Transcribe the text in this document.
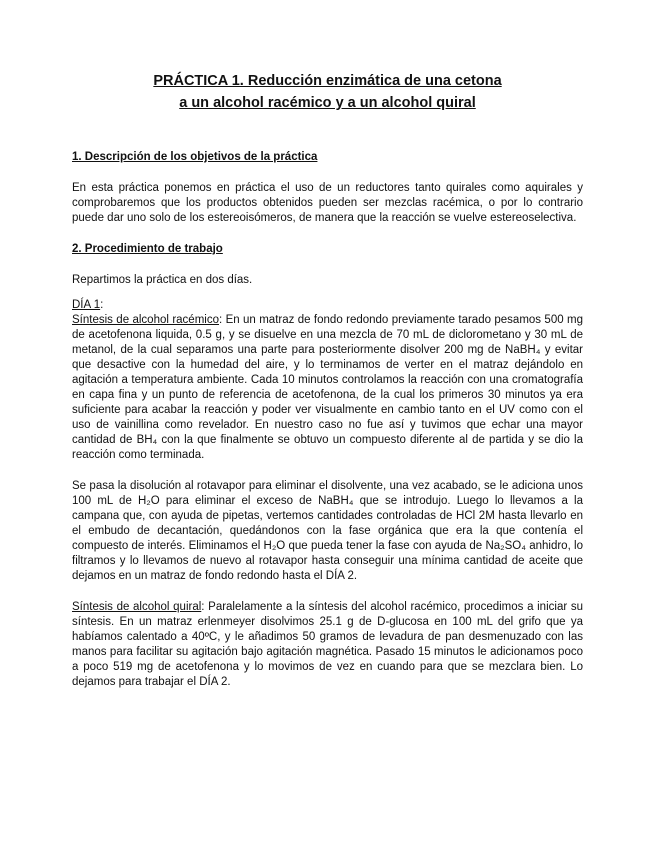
PRÁCTICA 1. Reducción enzimática de una cetona
a un alcohol racémico y a un alcohol quiral
1. Descripción de los objetivos de la práctica

En esta práctica ponemos en práctica el uso de un reductores tanto quirales como aquirales y comprobaremos que los productos obtenidos pueden ser mezclas racémica, o por lo contrario puede dar uno solo de los estereoisómeros, de manera que la reacción se vuelve estereoselectiva.

2. Procedimiento de trabajo

Repartimos la práctica en dos días.

DÍA 1:

Síntesis de alcohol racémico: En un matraz de fondo redondo previamente tarado pesamos 500 mg de acetofenona liquida, 0.5 g, y se disuelve en una mezcla de 70 mL de diclorometano y 30 mL de metanol, de la cual separamos una parte para posteriormente disolver 200 mg de NaBH₄ y evitar que desactive con la humedad del aire, y lo terminamos de verter en el matraz dejándolo en agitación a temperatura ambiente. Cada 10 minutos controlamos la reacción con una cromatografía en capa fina y un punto de referencia de acetofenona, de la cual los primeros 30 minutos ya era suficiente para acabar la reacción y poder ver visualmente en cambio tanto en el UV como con el uso de vainillina como revelador. En nuestro caso no fue así y tuvimos que echar una mayor cantidad de BH₄ con la que finalmente se obtuvo un compuesto diferente al de partida y se dio la reacción como terminada.

Se pasa la disolución al rotavapor para eliminar el disolvente, una vez acabado, se le adiciona unos 100 mL de H₂O para eliminar el exceso de NaBH₄ que se introdujo. Luego lo llevamos a la campana que, con ayuda de pipetas, vertemos cantidades controladas de HCl 2M hasta llevarlo en el embudo de decantación, quedándonos con la fase orgánica que era la que contenía el compuesto de interés. Eliminamos el H₂O que pueda tener la fase con ayuda de Na₂SO₄ anhidro, lo filtramos y lo llevamos de nuevo al rotavapor hasta conseguir una mínima cantidad de aceite que dejamos en un matraz de fondo redondo hasta el DÍA 2.

Síntesis de alcohol quiral: Paralelamente a la síntesis del alcohol racémico, procedimos a iniciar su síntesis. En un matraz erlenmeyer disolvimos 25.1 g de D-glucosa en 100 mL del grifo que ya habíamos calentado a 40ºC, y le añadimos 50 gramos de levadura de pan desmenuzado con las manos para facilitar su agitación bajo agitación magnética. Pasado 15 minutos le adicionamos poco a poco 519 mg de acetofenona y lo movimos de vez en cuando para que se mezclara bien. Lo dejamos para trabajar el DÍA 2.
